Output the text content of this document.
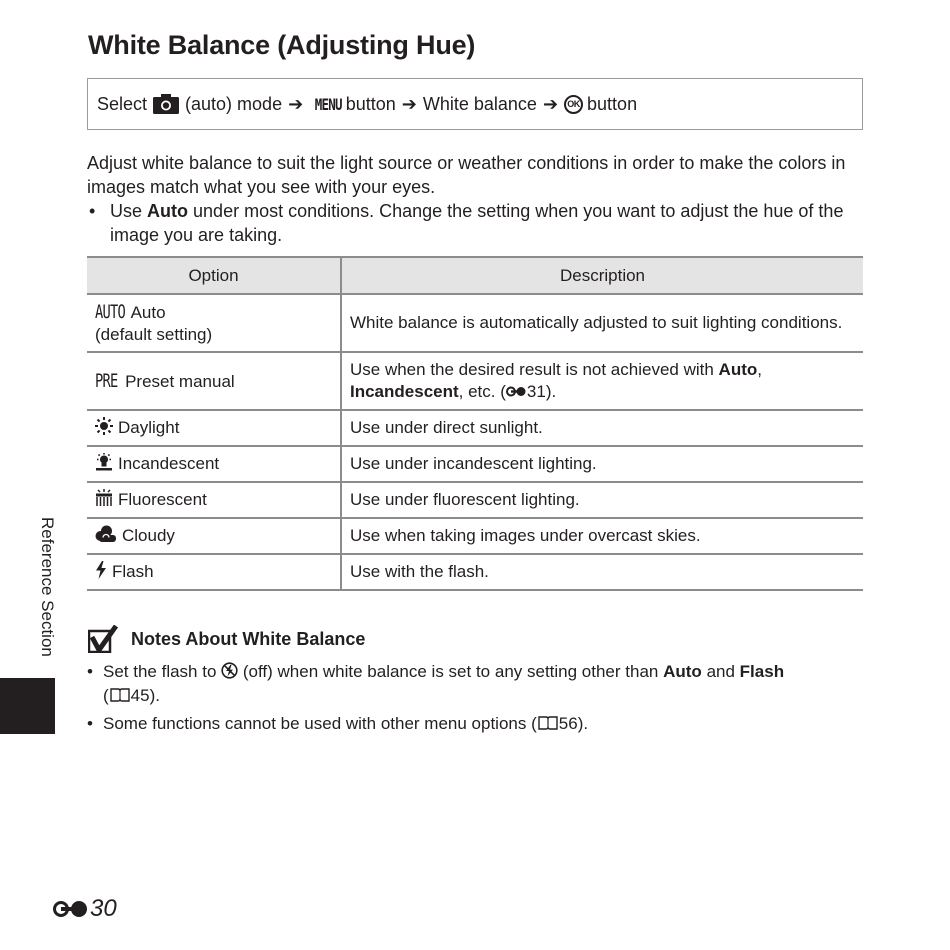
White Balance (Adjusting Hue)
Select (auto) mode ➔ MENU button ➔ White balance ➔	OK button
Adjust white balance to suit the light source or weather conditions in order to make the colors in images match what you see with your eyes.
• Use Auto under most conditions. Change the setting when you want to adjust the hue of the image you are taking.
Option	Description
AUTO Auto
(default setting)	White balance is automatically adjusted to suit lighting conditions.
PRE Preset manual	Use when the desired result is not achieved with Auto,
Incandescent, etc. ( 31).
Daylight	Use under direct sunlight.
Incandescent	Use under incandescent lighting.
Fluorescent	Use under fluorescent lighting.
Cloudy	Use when taking images under overcast skies.
Flash	Use with the flash.
Notes About White Balance
• Set the flash to (off) when white balance is set to any setting other than Auto and Flash
( 45).
• Some functions cannot be used with other menu options ( 56).
Reference Section
30
